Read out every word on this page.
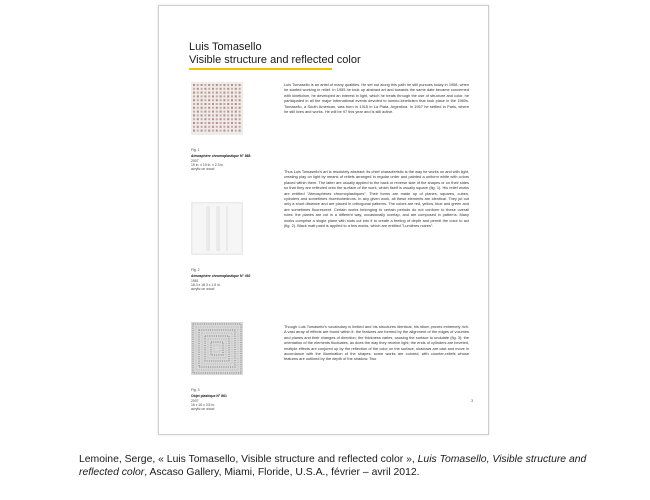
Luis Tomasello
Visible structure and reflected color
Fig. 1
Atmosphère chromoplastique N° 868
2007
19 in. x 19 in. x 2.3 in.
acrylic on wood
Fig. 2
Atmosphère chromoplastique N° 492
1981
18.3 x 18.3 x 1.5 in.
acrylic on wood
Fig. 3
Objet plastique N° 861
2007
16 x 16 x 3.5 in.
acrylic on wood
Luis Tomasello is an artist of many qualities. He set out along this path he still pursues today in 1958, when he started working in relief. In 1955 he took up abstract art and towards the same date became concerned with kineticism, he developed an interest in light, which he treats through the use of structure and color, he participated in all the major international events devoted to lumino-kineticism that took place in the 1960s. Tomasello, a South American, was born in 1915 in La Plata, Argentina. In 1957 he settled in Paris, where he still lives and works. He will be 97 this year and is still active.
Thus Luis Tomasello's art is resolutely abstract; its chief characteristic is the way he works on and with light, creating play on light by means of reliefs arranged in regular order and painted a uniform white with colors placed within them. The latter are usually applied to the back or reverse side of the shapes or on their sides so that they are reflected onto the surface of the work, which itself is usually square (fig. 1). His relief works are entitled "Atmosphères chromoplastiques". Their forms are made up of planes, squares, cubes, cylinders and sometimes rhombohedrons. In any given work, all these elements are identical. They jut out only a short distance and are placed in orthogonal patterns. The colors are red, yellow, blue and green and are sometimes fluorescent. Certain works belonging to certain periods do not conform to these overall rules: the planes are cut in a different way, occasionally overlap, and are composed in patterns. Many works comprise a single plane with slots cut into it to create a feeling of depth and permit the color to act (fig. 2). Black matt paint is applied to a few works, which are entitled "Lumières noires".
Though Luis Tomasello's vocabulary is limited and his structures identical, his idiom proves extremely rich. A vast array of effects are found within it: the features are formed by the alignment of the edges of volumes and planes and their changes of direction; the thickness varies, causing the surface to undulate (fig. 3); the orientation of the elements fluctuates, as does the way they receive light; the ends of cylinders are beveled, multiple effects are conjured up by the reflection of the color on the surface, shadows are cast and move in accordance with the illumination of the shapes; some works are colored, with counter-reliefs whose features are outlined by the depth of the shadow. Two
3
Lemoine, Serge, « Luis Tomasello, Visible structure and reflected color », Luis Tomasello, Visible structure and reflected color, Ascaso Gallery, Miami, Floride, U.S.A., février – avril 2012.
